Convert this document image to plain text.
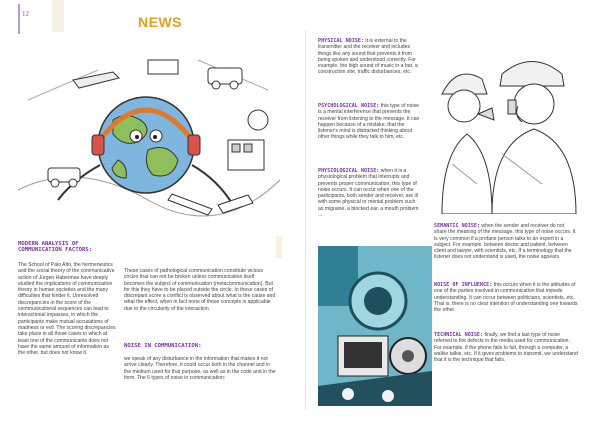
12	NEWS
MODERN ANALYSIS OF COMMUNICATION FACTORS:
The School of Palo Alto, the hermeneutics and the social theory of the communicative action of Jurgen Habermas have deeply studied the implications of communication theory in human societies and the many difficulties that hinder it. Unresolved discrepancies in the score of the communicational sequences can lead to interactional impasses, in which the participants make mutual accusations of madness or evil. The scoring discrepancies take place in all those cases in which at least one of the communicants does not have the same amount of information as the other, but does not know it.
These cases of pathological communication constitute vicious circles that can not be broken unless communication itself becomes the subject of communication (metacommunication). But for this they have to be placed outside the circle. In these cases of discrepant score a conflict is observed about what is the cause and what the effect, when in fact none of these concepts is applicable due to the circularity of the interaction.
NOISE IN COMMUNICATION:
we speak of any disturbance in the information that makes it not arrive clearly. Therefore, it could occur both in the channel and in the medium used for that purpose, as well as in the code and in the form. The 6 types of noise in communication:
PHYSICAL NOISE: it is external to the transmitter and the receiver and includes things like any sound that prevents it from being spoken and understood correctly. For example, the high sound of music in a bar, a construction site, traffic disturbances, etc.
PSYCHOLOGICAL NOISE: this type of noise is a mental interference that prevents the receiver from listening to the message. It can happen because of a mistake, that the listener's mind is distracted thinking about other things while they talk to him, etc.
PHYSIOLOGICAL NOISE: when it is a physiological problem that interrupts and prevents proper communication, this type of noise occurs. It can occur when one of the participants, both sender and receiver, are ill with some physical or mental problem such as migraine, a blocked ear, a mouth problem ...
SEMANTIC NOISE: when the sender and receiver do not share the meaning of the message, this type of noise occurs. It is very common if a profane person talks to an expert in a subject. For example, between doctor and patient, between client and lawyer, with scientists, etc. If a terminology that the listener does not understand is used, the noise appears.
NOISE OF INFLUENCE: this occurs when it is the attitudes of one of the parties involved in communication that impede understanding. It can occur between politicians, scientists, etc. That is, there is no clear intention of understanding one towards the other.
TECHNICAL NOISE: finally, we find a last type of noise referred to the defects in the media used for communication. For example, if the phone fails to fall, through a computer, a walkie talkie, etc. If it gives problems to transmit, we understand that it is the technique that fails.
